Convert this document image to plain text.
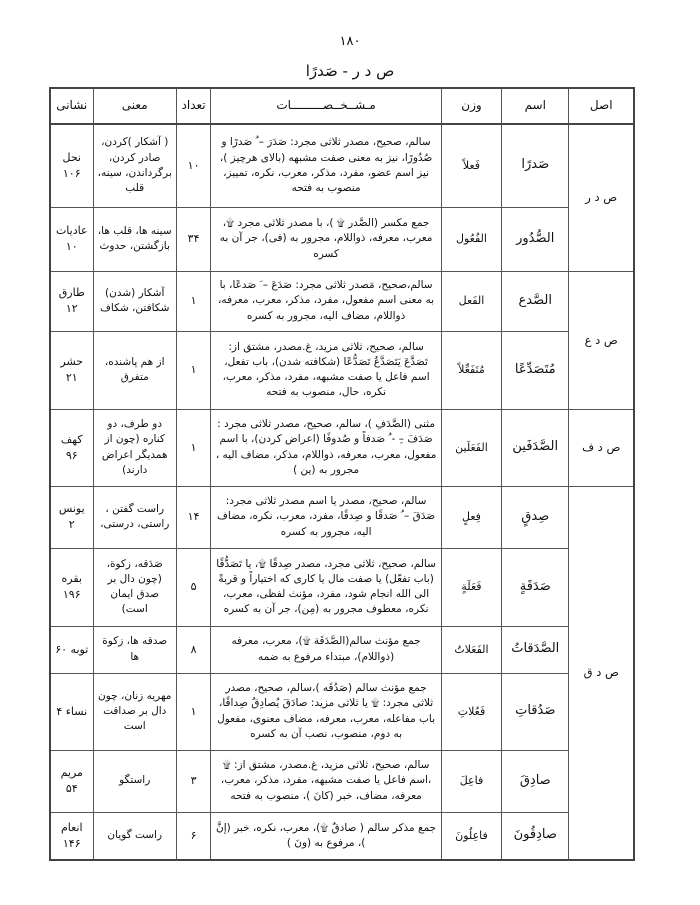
۱۸۰
ص د ر - صَدرًا
اصل	اسم	وزن	مـشــخــصـــــــــات	تعداد	معنی	نشانی
ص د ر	صَدرًا	فَعلاً	سالم، صحیح، مصدر ثلاثی مجرد: صَدَرَ – ُ صَدرًا و صُدُورًا، نیز به معنی صفت مشبهه (بالای هرچیز )، نیز اسم عضو، مفرد، مذکر، معرب، نکره، تمییز، منصوب به فتحه	۱۰	( آشکار )کردن، صادر کردن، برگرداندن، سینه، قلب	نحل ۱۰۶
	الصُّدُور	الفُعُول	جمع مکسر (الصَّدر ۩ )، با مصدر ثلاثی مجرد ۩، معرب، معرفه، ذواللام، مجرور به (فی)، جر آن به کسره	۳۴	سینه ها، قلب ها، بازگشتن، حدوث	عادیات ۱۰
ص د ع	الصَّدع	الفَعل	سالم،صحیح، مَصدر ثلاثی مجرد: صَدَعَ – َ صَدعًا، با به معنی اسم مفعول، مفرد، مذکر، معرب، معرفه، ذواللام، مضاف الیه، مجرور به کسره	۱	آشکار (شدن) شکافتن، شکاف	طارق ۱۲
	مُتَصَدِّعًا	مُتَفَعِّلاً	سالم، صحیح، ثلاثی مزید، غ.مصدر، مشتق از: تَصَدَّعَ یَتَصَدَّعُ تَصَدُّعًا (شکافته شدن)، باب تفعل، اسم فاعل یا صفت مشبهه، مفرد، مذکر، معرب، نکره، حال، منصوب به فتحه	۱	از هم پاشنده، متفرق	حشر ۲۱
ص د ف	الصَّدَفَین	الفَعَلَین	مثنی (الصَّدَفِ )، سالم، صحیح، مصدر ثلاثی مجرد : صَدَفَ –ِ - ُ صَدفاً و صُدوفًا (اعراض کردن)، با اسم مفعول، معرب، معرفه، ذواللام، مذکر، مضاف الیه ، مجرور به (ین )	۱	دو طرف، دو کناره (چون از همدیگر اعراض دارند)	کهف ۹۶
ص د ق	صِدقٍ	فِعلٍ	سالم، صحیح، مصدر یا اسم مصدر ثلاثی مجرد: صَدَقَ – ُ صَدقًا و صِدقًا، مفرد، معرب، نکره، مضاف الیه، مجرور به کسره	۱۴	راست گفتن ، راستی، درستی،	یونس ۲
	صَدَقَةٍ	فَعَلَةٍ	سالم، صحیح، ثلاثی مجرد، مصدر صِدقًا ۩، یا تَصَدُّقًا (باب تفعّل) یا صفت مال یا کاری که اختیاراً و قربةً الی الله انجام شود، مفرد، مؤنث لفظی، معرب، نکره، معطوف مجرور به (مِن)، جر آن به کسره	۵	صَدَقه، زکوة، (چون دال بر صدق ایمان است)	بقره ۱۹۶
	الصَّدَقاتُ	الفَعَلاتُ	جمع مؤنث سالم(الصَّدَقَة ۩)، معرب، معرفه (ذواللام)، مبتداء مرفوع به ضمه	۸	صدقه ها، زکوة ها	توبه ۶۰
	صَدُقاتِ	فَعُلاتِ	جمع مؤنث سالم (صَدُقَه )،سالم، صحیح، مصدر ثلاثی مجرد: ۩ یا ثلاثی مزید: صادَقَ یُصادِقُ صِداقًا، باب مفاعله، معرب، معرفه، مضاف معنوی، مفعول به دوم، منصوب، نصب آن به کسره	۱	مهریه زنان، چون دال بر صداقت است	نساء ۴
	صادِقَ	فاعِلَ	سالم، صحیح، ثلاثی مزید، غ.مصدر، مشتق از: ۩ ،اسم فاعل یا صفت مشبهه، مفرد، مذکر، معرب، معرفه، مضاف، خبر (کانَ )، منصوب به فتحه	۳	راستگو	مریم ۵۴
	صادِقُونَ	فاعِلُونَ	جمع مذکر سالم ( صادقٌ ۩)، معرب، نکره، خبر (إنَّ )، مرفوع به (ونَ )	۶	راست گویان	انعام ۱۴۶
